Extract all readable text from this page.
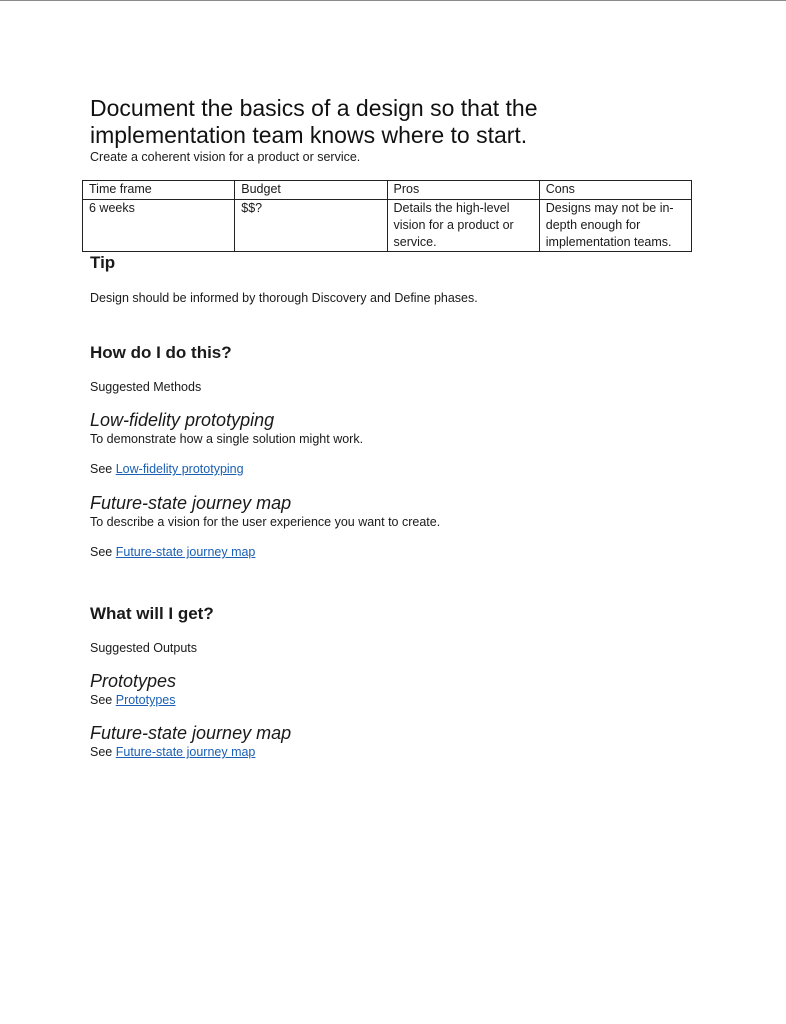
Document the basics of a design so that the implementation team knows where to start.

Create a coherent vision for a product or service.

Time frame	Budget	Pros	Cons
6 weeks	$$?	Details the high-level vision for a product or service.	Designs may not be in-depth enough for implementation teams.
Tip

Design should be informed by thorough Discovery and Define phases.

How do I do this?

Suggested Methods

Low-fidelity prototyping

To demonstrate how a single solution might work.

See Low-fidelity prototyping

Future-state journey map

To describe a vision for the user experience you want to create.

See Future-state journey map

What will I get?

Suggested Outputs

Prototypes

See Prototypes

Future-state journey map

See Future-state journey map
